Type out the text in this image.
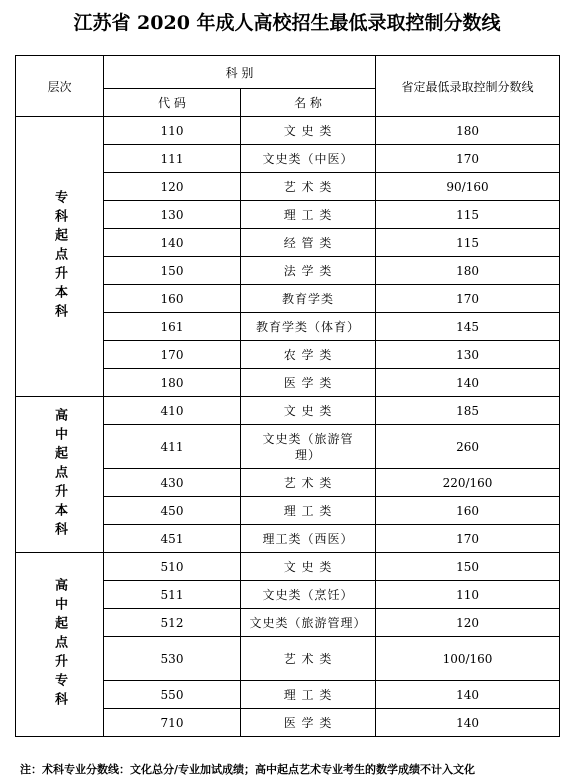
江苏省 2020 年成人高校招生最低录取控制分数线
层次	科 别		省定最低录取控制分数线
	代 码	名 称	

专科起点升本科	110	文 史 类	180
	111	文史类（中医）	170
	120	艺 术 类	90/160
	130	理 工 类	115
	140	经 管 类	115
	150	法 学 类	180
	160	教育学类	170
	161	教育学类（体育）	145
	170	农 学 类	130
	180	医 学 类	140

高中起点升本科	410	文 史 类	185
	411	文史类（旅游管理）	260
	430	艺 术 类	220/160
	450	理 工 类	160
	451	理工类（西医）	170

高中起点升专科	510	文 史 类	150
	511	文史类（烹饪）	110
	512	文史类（旅游管理）	120
	530	艺 术 类	100/160
	550	理 工 类	140
	710	医 学 类	140
注：术科专业分数线：文化总分/专业加试成绩；高中起点艺术专业考生的数学成绩不计入文化
